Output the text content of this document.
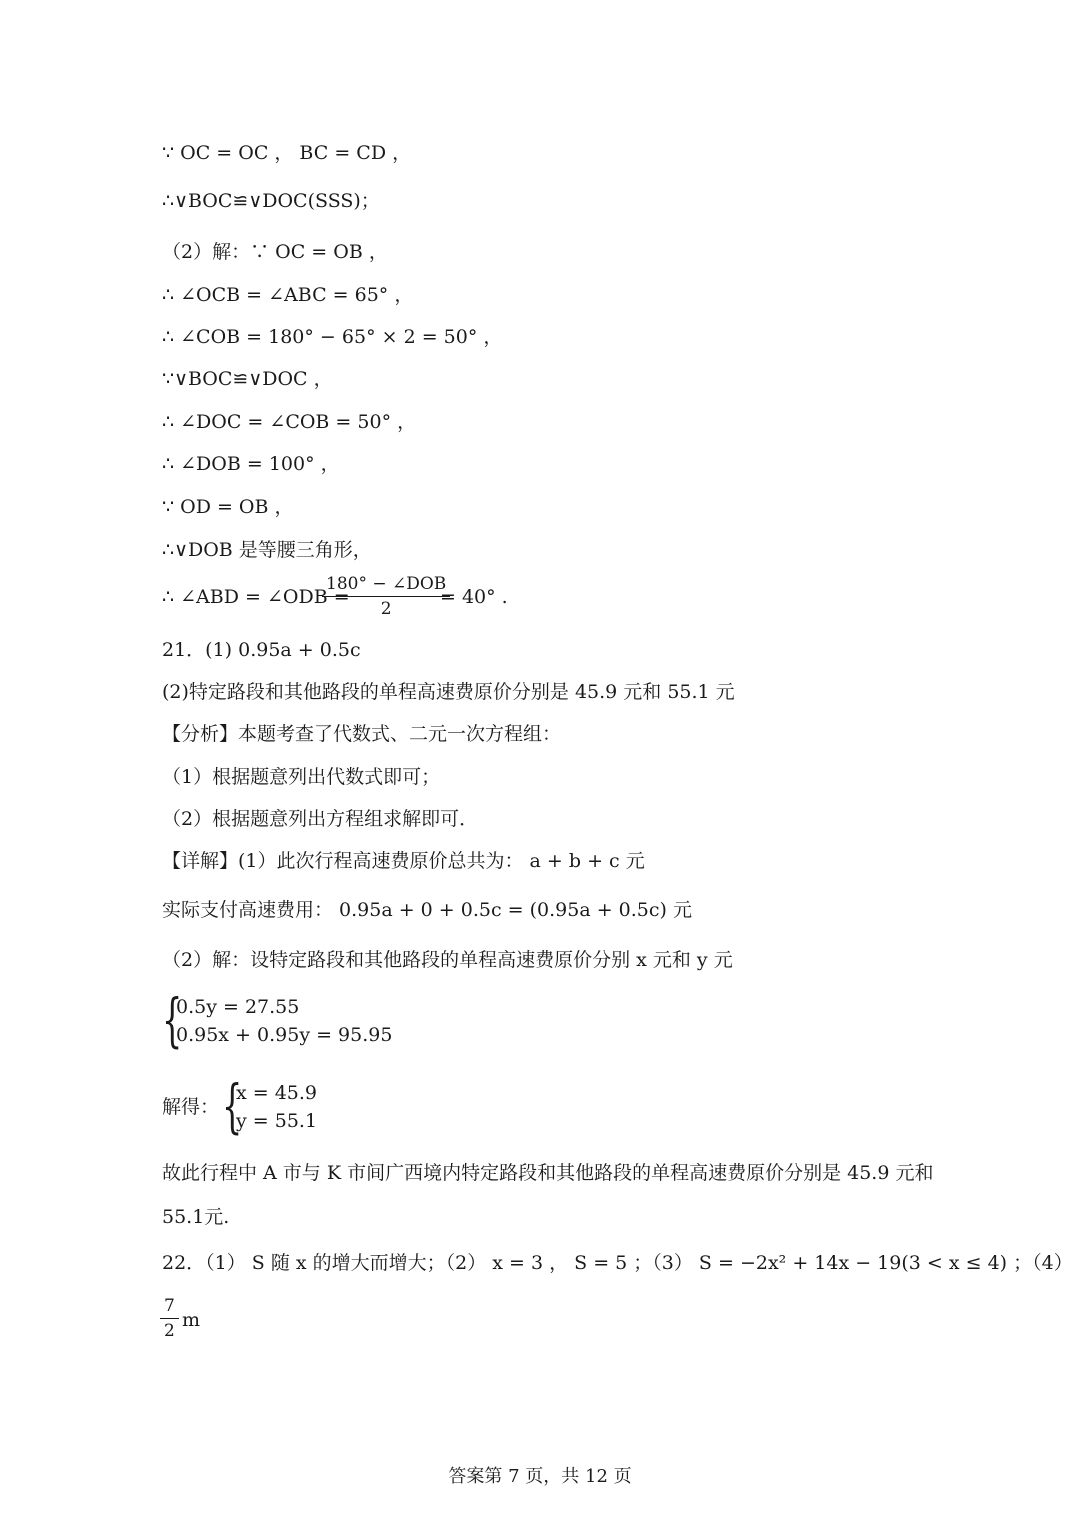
∵ OC = OC ， BC = CD ，
∴∨BOC≌∨DOC(SSS)；
（2）解：∵ OC = OB ，
∴ ∠OCB = ∠ABC = 65° ，
∴ ∠COB = 180° − 65° × 2 = 50° ，
∵∨BOC≌∨DOC ，
∴ ∠DOC = ∠COB = 50° ，
∴ ∠DOB = 100° ，
∵ OD = OB ，
∴∨DOB 是等腰三角形，
∴ ∠ABD = ∠ODB =
180° − ∠DOB
2
= 40° .
21．(1) 0.95a + 0.5c
(2)特定路段和其他路段的单程高速费原价分别是 45.9 元和 55.1 元
【分析】本题考查了代数式、二元一次方程组：
（1）根据题意列出代数式即可；
（2）根据题意列出方程组求解即可．
【详解】(1）此次行程高速费原价总共为： a + b + c 元
实际支付高速费用： 0.95a + 0 + 0.5c = (0.95a + 0.5c) 元
（2）解：设特定路段和其他路段的单程高速费原价分别 x 元和 y 元
{
0.5y = 27.55
0.95x + 0.95y = 95.95
解得： {
x = 45.9
y = 55.1
故此行程中 A 市与 K 市间广西境内特定路段和其他路段的单程高速费原价分别是 45.9 元和
55.1元.
22．（1） S 随 x 的增大而增大；（2） x = 3 ， S = 5 ；（3） S = −2x² + 14x − 19(3 < x ≤ 4) ；（4）
$\frac{7}{2}$ m
答案第 7 页，共 12 页
